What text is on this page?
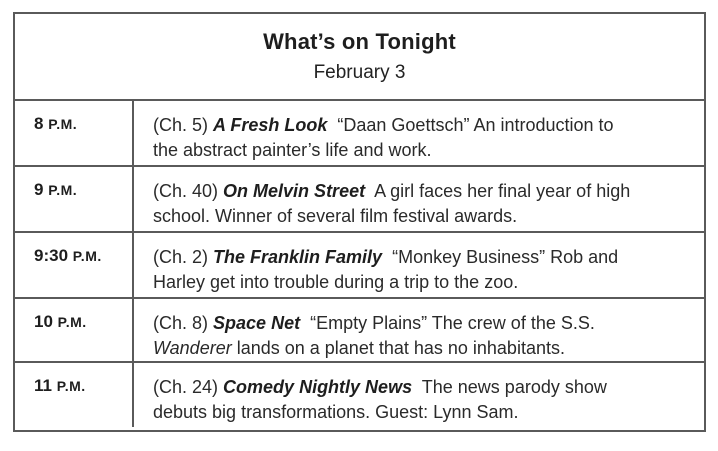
What’s on Tonight
February 3
8 P.M.	(Ch. 5) A Fresh Look  “Daan Goettsch” An introduction to
the abstract painter’s life and work.
9 P.M.	(Ch. 40) On Melvin Street  A girl faces her final year of high
school. Winner of several film festival awards.
9:30 P.M.	(Ch. 2) The Franklin Family  “Monkey Business” Rob and
Harley get into trouble during a trip to the zoo.
10 P.M.	(Ch. 8) Space Net  “Empty Plains” The crew of the S.S.
Wanderer lands on a planet that has no inhabitants.
11 P.M.	(Ch. 24) Comedy Nightly News  The news parody show
debuts big transformations. Guest: Lynn Sam.
